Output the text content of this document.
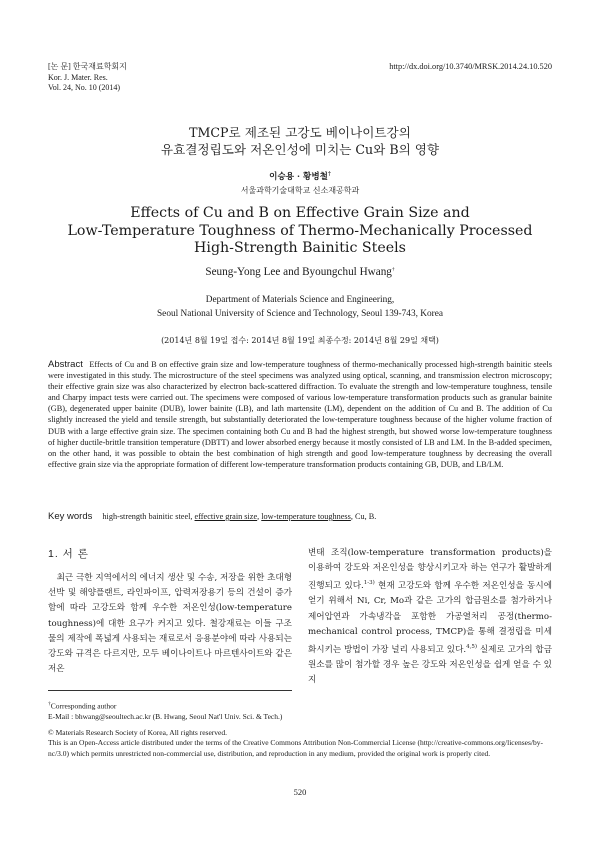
[논 문] 한국재료학회지
Kor. J. Mater. Res.
Vol. 24, No. 10 (2014)
http://dx.doi.org/10.3740/MRSK.2014.24.10.520
TMCP로 제조된 고강도 베이나이트강의
유효결정립도와 저온인성에 미치는 Cu와 B의 영향
이승용 · 황병철†
서울과학기술대학교 신소재공학과
Effects of Cu and B on Effective Grain Size and
Low-Temperature Toughness of Thermo-Mechanically Processed
High-Strength Bainitic Steels
Seung-Yong Lee and Byoungchul Hwang†
Department of Materials Science and Engineering,
Seoul National University of Science and Technology, Seoul 139-743, Korea
(2014년 8월 19일 접수: 2014년 8월 19일 최종수정: 2014년 8월 29일 채택)
Abstract Effects of Cu and B on effective grain size and low-temperature toughness of thermo-mechanically processed high-strength bainitic steels were investigated in this study. The microstructure of the steel specimens was analyzed using optical, scanning, and transmission electron microscopy; their effective grain size was also characterized by electron back-scattered diffraction. To evaluate the strength and low-temperature toughness, tensile and Charpy impact tests were carried out. The specimens were composed of various low-temperature transformation products such as granular bainite (GB), degenerated upper bainite (DUB), lower bainite (LB), and lath martensite (LM), dependent on the addition of Cu and B. The addition of Cu slightly increased the yield and tensile strength, but substantially deteriorated the low-temperature toughness because of the higher volume fraction of DUB with a large effective grain size. The specimen containing both Cu and B had the highest strength, but showed worse low-temperature toughness of higher ductile-brittle transition temperature (DBTT) and lower absorbed energy because it mostly consisted of LB and LM. In the B-added specimen, on the other hand, it was possible to obtain the best combination of high strength and good low-temperature toughness by decreasing the overall effective grain size via the appropriate formation of different low-temperature transformation products containing GB, DUB, and LB/LM.
Key words high-strength bainitic steel, effective grain size, low-temperature toughness, Cu, B.
1. 서 론

최근 극한 지역에서의 에너지 생산 및 수송, 저장을 위한 초대형 선박 및 해양플랜트, 라인파이프, 압력저장용기 등의 건설이 증가함에 따라 고강도와 함께 우수한 저온인성(low-temperature toughness)에 대한 요구가 커지고 있다. 철강재료는 이들 구조물의 제작에 폭넓게 사용되는 재료로서 응용분야에 따라 사용되는 강도와 규격은 다르지만, 모두 베이나이트나 마르텐사이트와 같은 저온

변태 조직(low-temperature transformation products)을 이용하여 강도와 저온인성을 향상시키고자 하는 연구가 활발하게 진행되고 있다.$^{1-3)}$ 현재 고강도와 함께 우수한 저온인성을 동시에 얻기 위해서 Ni, Cr, Mo과 같은 고가의 합금원소를 첨가하거나 제어압연과 가속냉각을 포함한 가공열처리 공정(thermo-mechanical control process, TMCP)을 통해 결정립을 미세화시키는 방법이 가장 널리 사용되고 있다.$^{4,5)}$ 실제로 고가의 합금원소를 많이 첨가할 경우 높은 강도와 저온인성을 쉽게 얻을 수 있지

†Corresponding author

E-Mail : bhwang@seoultech.ac.kr (B. Hwang, Seoul Nat'l Univ. Sci. & Tech.)

© Materials Research Society of Korea, All rights reserved.

This is an Open-Access article distributed under the terms of the Creative Commons Attribution Non-Commercial License (http://creative-commons.org/licenses/by-nc/3.0) which permits unrestricted non-commercial use, distribution, and reproduction in any medium, provided the original work is properly cited.

520
